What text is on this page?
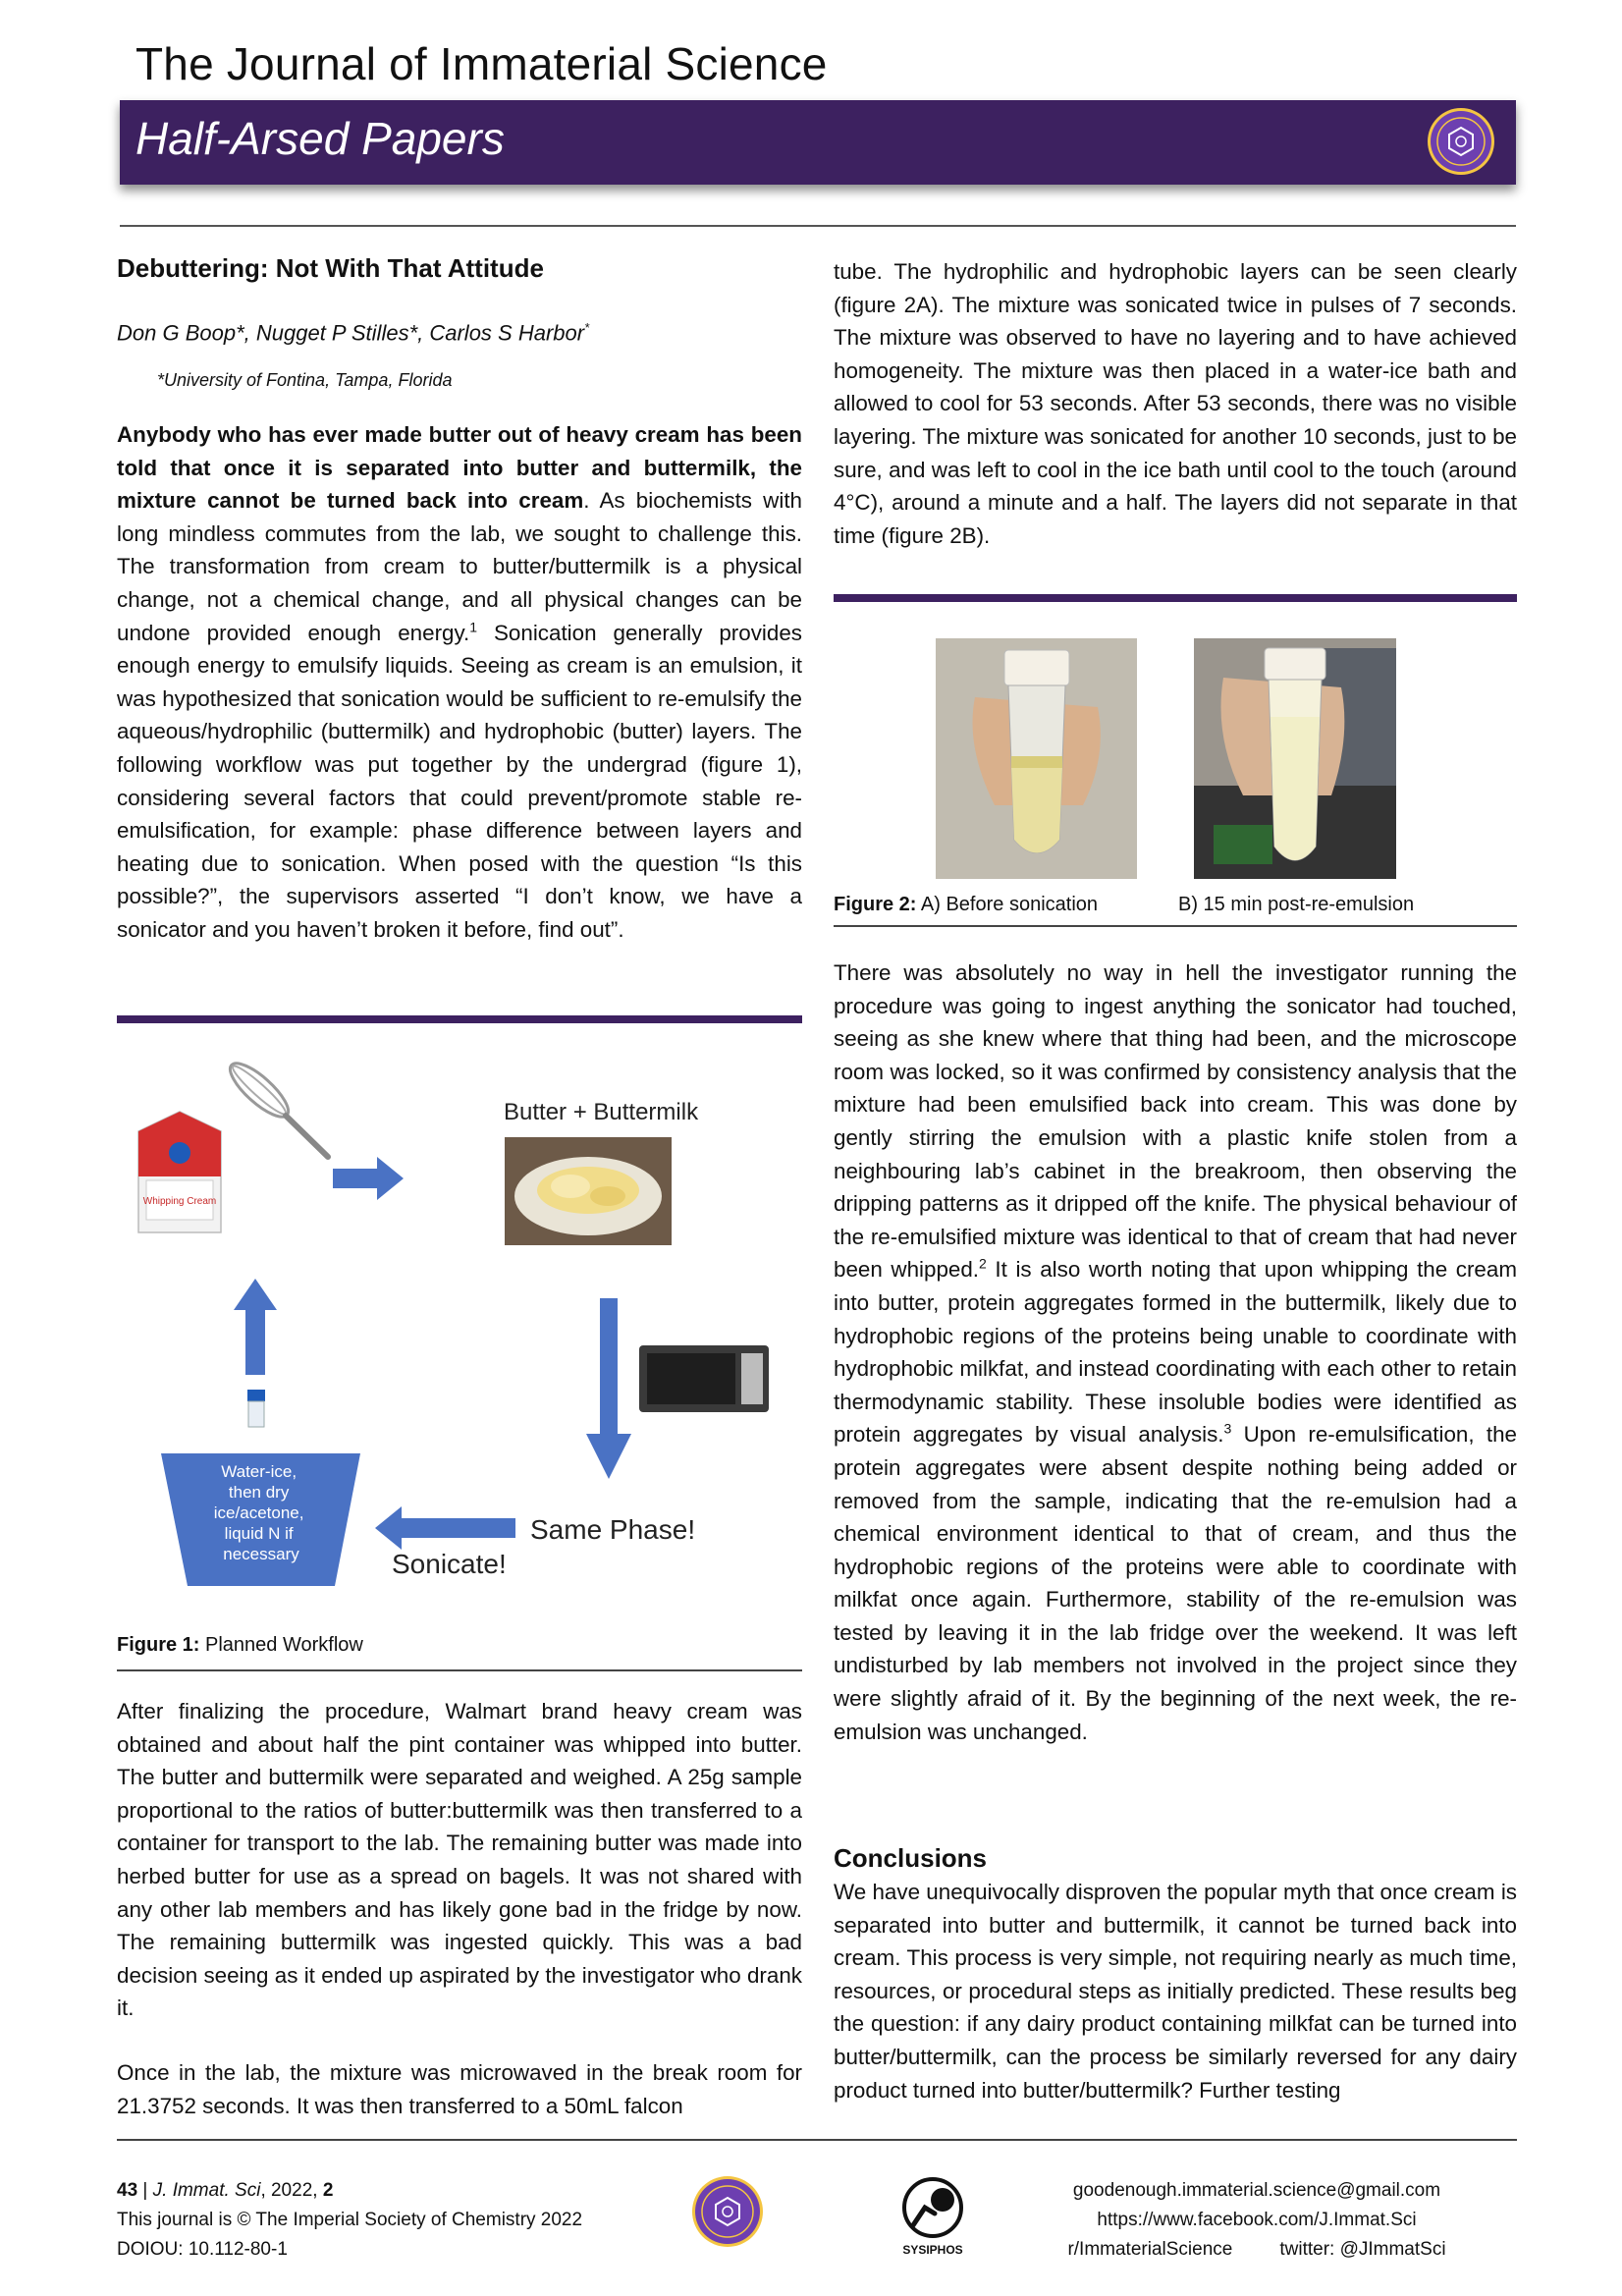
The Journal of Immaterial Science
Half-Arsed Papers
Debuttering: Not With That Attitude
Don G Boop*, Nugget P Stilles*, Carlos S Harbor*
*University of Fontina, Tampa, Florida

Anybody who has ever made butter out of heavy cream has been told that once it is separated into butter and buttermilk, the mixture cannot be turned back into cream. As biochemists with long mindless commutes from the lab, we sought to challenge this. The transformation from cream to butter/buttermilk is a physical change, not a chemical change, and all physical changes can be undone provided enough energy.$^1$ Sonication generally provides enough energy to emulsify liquids. Seeing as cream is an emulsion, it was hypothesized that sonication would be sufficient to re-emulsify the aqueous/hydrophilic (buttermilk) and hydrophobic (butter) layers. The following workflow was put together by the undergrad (figure 1), considering several factors that could prevent/promote stable re-emulsification, for example: phase difference between layers and heating due to sonication. When posed with the question “Is this possible?”, the supervisors asserted “I don’t know, we have a sonicator and you haven’t broken it before, find out”.

Whipping Cream
Butter + Buttermilk
Water-ice, then dry ice/acetone, liquid N if necessary
Same Phase!
Sonicate!
Figure 1: Planned Workflow

After finalizing the procedure, Walmart brand heavy cream was obtained and about half the pint container was whipped into butter. The butter and buttermilk were separated and weighed. A 25g sample proportional to the ratios of butter:buttermilk was then transferred to a container for transport to the lab. The remaining butter was made into herbed butter for use as a spread on bagels. It was not shared with any other lab members and has likely gone bad in the fridge by now. The remaining buttermilk was ingested quickly. This was a bad decision seeing as it ended up aspirated by the investigator who drank it.

Once in the lab, the mixture was microwaved in the break room for 21.3752 seconds. It was then transferred to a 50mL falcon

tube. The hydrophilic and hydrophobic layers can be seen clearly (figure 2A). The mixture was sonicated twice in pulses of 7 seconds. The mixture was observed to have no layering and to have achieved homogeneity. The mixture was then placed in a water-ice bath and allowed to cool for 53 seconds. After 53 seconds, there was no visible layering. The mixture was sonicated for another 10 seconds, just to be sure, and was left to cool in the ice bath until cool to the touch (around 4°C), around a minute and a half. The layers did not separate in that time (figure 2B).

Figure 2: A) Before sonication	B) 15 min post-re-emulsion

There was absolutely no way in hell the investigator running the procedure was going to ingest anything the sonicator had touched, seeing as she knew where that thing had been, and the microscope room was locked, so it was confirmed by consistency analysis that the mixture had been emulsified back into cream. This was done by gently stirring the emulsion with a plastic knife stolen from a neighbouring lab’s cabinet in the breakroom, then observing the dripping patterns as it dripped off the knife. The physical behaviour of the re-emulsified mixture was identical to that of cream that had never been whipped.$^2$ It is also worth noting that upon whipping the cream into butter, protein aggregates formed in the buttermilk, likely due to hydrophobic regions of the proteins being unable to coordinate with hydrophobic milkfat, and instead coordinating with each other to retain thermodynamic stability. These insoluble bodies were identified as protein aggregates by visual analysis.$^3$ Upon re-emulsification, the protein aggregates were absent despite nothing being added or removed from the sample, indicating that the re-emulsion had a chemical environment identical to that of cream, and thus the hydrophobic regions of the proteins were able to coordinate with milkfat once again. Furthermore, stability of the re-emulsion was tested by leaving it in the lab fridge over the weekend. It was left undisturbed by lab members not involved in the project since they were slightly afraid of it. By the beginning of the next week, the re-emulsion was unchanged.

Conclusions

We have unequivocally disproven the popular myth that once cream is separated into butter and buttermilk, it cannot be turned back into cream. This process is very simple, not requiring nearly as much time, resources, or procedural steps as initially predicted. These results beg the question: if any dairy product containing milkfat can be turned into butter/buttermilk, can the process be similarly reversed for any dairy product turned into butter/buttermilk? Further testing

43 | J. Immat. Sci, 2022, 2
This journal is © The Imperial Society of Chemistry 2022
DOIOU: 10.112-80-1	SYSIPHOS
goodenough.immaterial.science@gmail.com
https://www.facebook.com/J.Immat.Sci
r/ImmaterialScience	twitter: @JImmatSci
